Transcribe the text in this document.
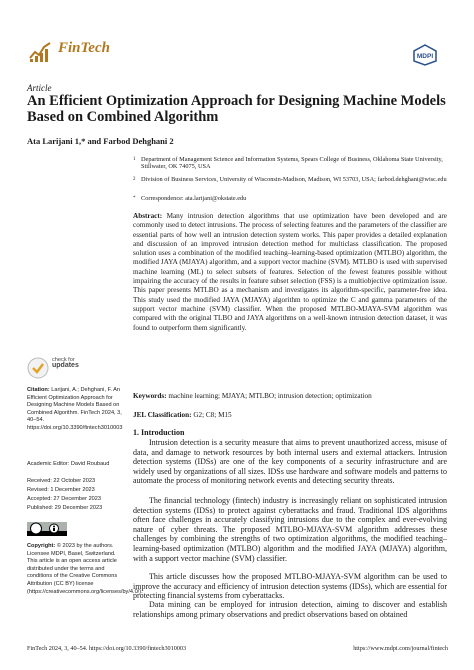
FinTech
MDPI
Article
An Efficient Optimization Approach for Designing Machine Models Based on Combined Algorithm
Ata Larijani 1,* and Farbod Dehghani 2
1 Department of Management Science and Information Systems, Spears College of Business, Oklahoma State University, Stillwater, OK 74075, USA
2 Division of Business Services, University of Wisconsin-Madison, Madison, WI 53703, USA; farbod.dehghani@wisc.edu
* Correspondence: ata.larijani@okstate.edu
Abstract: Many intrusion detection algorithms that use optimization have been developed and are commonly used to detect intrusions. The process of selecting features and the parameters of the classifier are essential parts of how well an intrusion detection system works. This paper provides a detailed explanation and discussion of an improved intrusion detection method for multiclass classification. The proposed solution uses a combination of the modified teaching–learning-based optimization (MTLBO) algorithm, the modified JAYA (MJAYA) algorithm, and a support vector machine (SVM). MTLBO is used with supervised machine learning (ML) to select subsets of features. Selection of the fewest features possible without impairing the accuracy of the results in feature subset selection (FSS) is a multiobjective optimization issue. This paper presents MTLBO as a mechanism and investigates its algorithm-specific, parameter-free idea. This study used the modified JAYA (MJAYA) algorithm to optimize the C and gamma parameters of the support vector machine (SVM) classifier. When the proposed MTLBO-MJAYA-SVM algorithm was compared with the original TLBO and JAYA algorithms on a well-known intrusion detection dataset, it was found to outperform them significantly.
Keywords: machine learning; MJAYA; MTLBO; intrusion detection; optimization
JEL Classification: G2; C8; M15
check for
updates
Citation: Larijani, A.; Dehghani, F. An Efficient Optimization Approach for Designing Machine Models Based on Combined Algorithm. FinTech 2024, 3, 40–54. https://doi.org/10.3390/fintech3010003
Academic Editor: David Roubaud
Received: 22 October 2023
Revised: 1 December 2023
Accepted: 27 December 2023
Published: 29 December 2023
Copyright: © 2023 by the authors. Licensee MDPI, Basel, Switzerland. This article is an open access article distributed under the terms and conditions of the Creative Commons Attribution (CC BY) license (https://creativecommons.org/licenses/by/4.0/).
1. Introduction
Intrusion detection is a security measure that aims to prevent unauthorized access, misuse of data, and damage to network resources by both internal users and external attackers. Intrusion detection systems (IDSs) are one of the key components of a security infrastructure and are widely used by organizations of all sizes. IDSs use hardware and software models and patterns to automate the process of monitoring network events and detecting security threats.
The financial technology (fintech) industry is increasingly reliant on sophisticated intrusion detection systems (IDSs) to protect against cyberattacks and fraud. Traditional IDS algorithms often face challenges in accurately classifying intrusions due to the complex and ever-evolving nature of cyber threats. The proposed MTLBO-MJAYA-SVM algorithm addresses these challenges by combining the strengths of two optimization algorithms, the modified teaching–learning-based optimization (MTLBO) algorithm and the modified JAYA (MJAYA) algorithm, with a support vector machine (SVM) classifier.
This article discusses how the proposed MTLBO-MJAYA-SVM algorithm can be used to improve the accuracy and efficiency of intrusion detection systems (IDSs), which are essential for protecting financial systems from cyberattacks.
Data mining can be employed for intrusion detection, aiming to discover and establish relationships among primary observations and predict observations based on obtained
FinTech 2024, 3, 40–54. https://doi.org/10.3390/fintech3010003	https://www.mdpi.com/journal/fintech
